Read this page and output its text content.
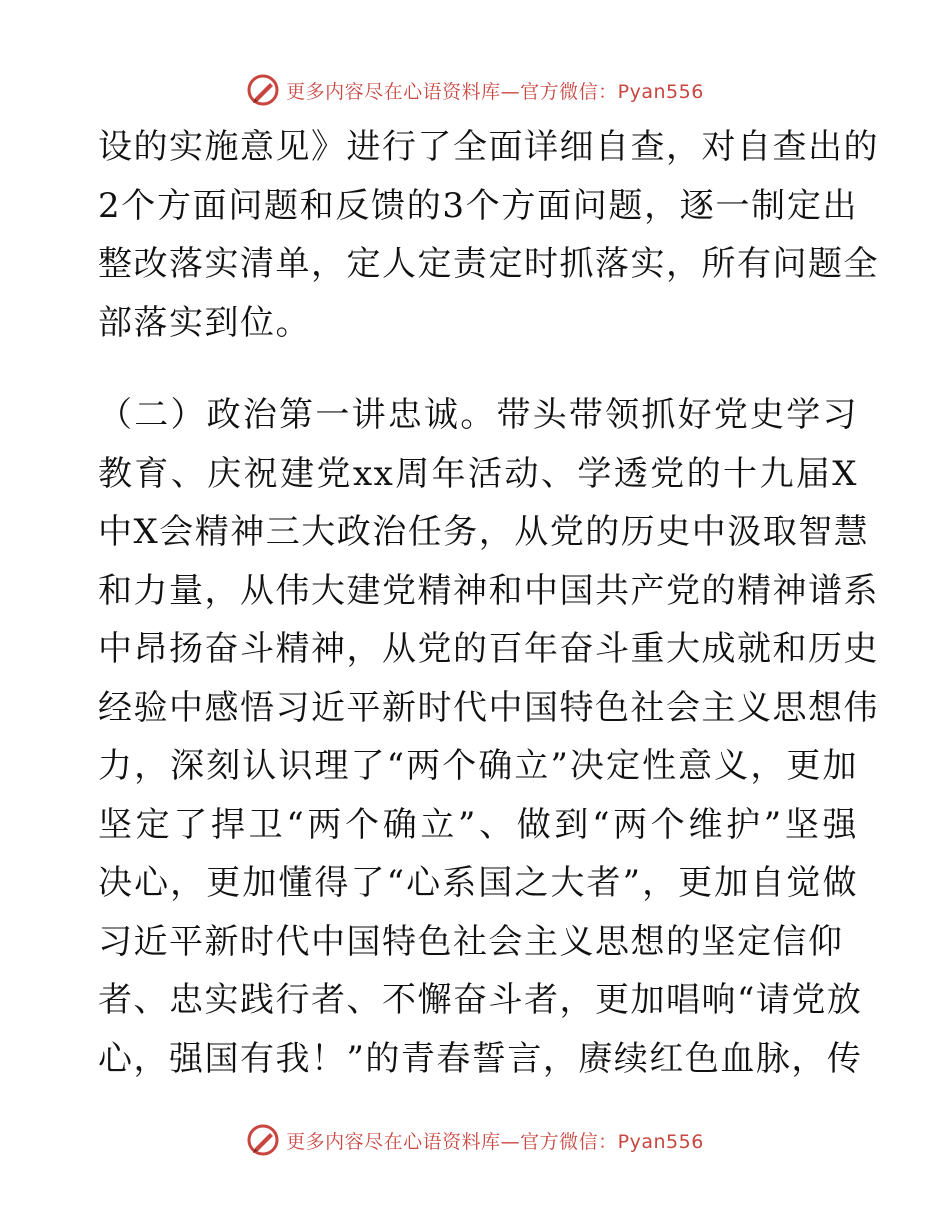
更多内容尽在心语资料库—官方微信：Pyan556
设的实施意见》进行了全面详细自查，对自查出的
2个方面问题和反馈的3个方面问题，逐一制定出
整改落实清单，定人定责定时抓落实，所有问题全
部落实到位。
（二）政治第一讲忠诚。带头带领抓好党史学习
教育、庆祝建党xx周年活动、学透党的十九届X
中X会精神三大政治任务，从党的历史中汲取智慧
和力量，从伟大建党精神和中国共产党的精神谱系
中昂扬奋斗精神，从党的百年奋斗重大成就和历史
经验中感悟习近平新时代中国特色社会主义思想伟
力，深刻认识理了“两个确立”决定性意义，更加
坚定了捍卫“两个确立”、做到“两个维护”坚强
决心，更加懂得了“心系国之大者”，更加自觉做
习近平新时代中国特色社会主义思想的坚定信仰
者、忠实践行者、不懈奋斗者，更加唱响“请党放
心，强国有我！”的青春誓言，赓续红色血脉，传
更多内容尽在心语资料库—官方微信：Pyan556
